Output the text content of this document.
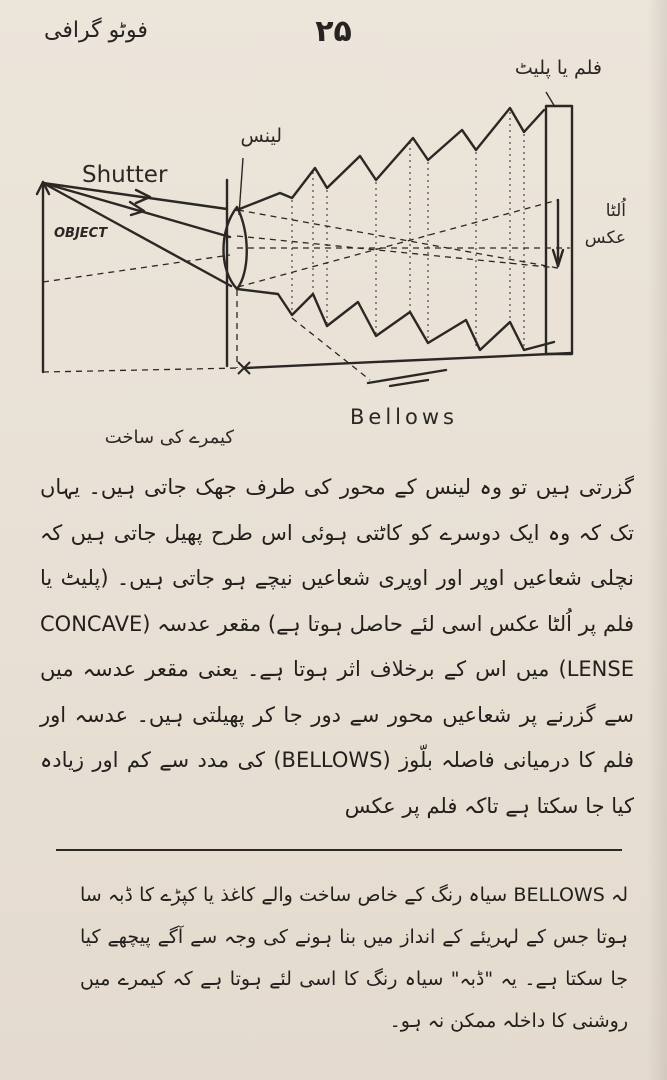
۲۵
فوٹو گرافی
فلم یا پلیٹ
لینس
Shutter
OBJECT
اُلٹا
عکس
Bellows
کیمرے کی ساخت
گزرتی ہیں تو وہ لینس کے محور کی طرف جھک جاتی ہیں۔ یہاں تک کہ وہ ایک دوسرے کو کاٹتی ہوئی اس طرح پھیل جاتی ہیں کہ نچلی شعاعیں اوپر اور اوپری شعاعیں نیچے ہو جاتی ہیں۔ (پلیٹ یا فلم پر اُلٹا عکس اسی لئے حاصل ہوتا ہے) مقعر عدسہ (CONCAVE LENSE) میں اس کے برخلاف اثر ہوتا ہے۔ یعنی مقعر عدسہ میں سے گزرنے پر شعاعیں محور سے دور جا کر پھیلتی ہیں۔ عدسہ اور فلم کا درمیانی فاصلہ بلّوز (BELLOWS) کی مدد سے کم اور زیادہ کیا جا سکتا ہے تاکہ فلم پر عکس
لہ BELLOWS سیاہ رنگ کے خاص ساخت والے کاغذ یا کپڑے کا ڈبہ سا ہوتا جس کے لہریئے کے انداز میں بنا ہونے کی وجہ سے آگے پیچھے کیا جا سکتا ہے۔ یہ "ڈبہ" سیاہ رنگ کا اسی لئے ہوتا ہے کہ کیمرے میں روشنی کا داخلہ ممکن نہ ہو۔
